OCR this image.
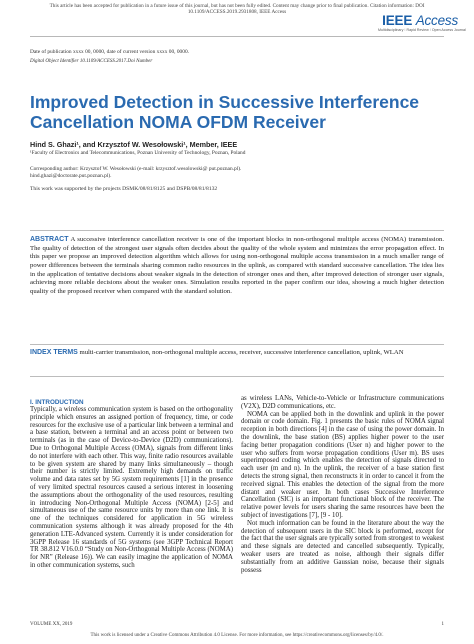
This article has been accepted for publication in a future issue of this journal, but has not been fully edited. Content may change prior to final publication. Citation information: DOI
10.1109/ACCESS.2019.2931808, IEEE Access
IEEE Access
Multidisciplinary ⁝ Rapid Review ⁝ Open Access Journal
Date of publication xxxx 00, 0000, date of current version xxxx 00, 0000.
Digital Object Identifier 10.1109/ACCESS.2017.Doi Number
Improved Detection in Successive Interference Cancellation NOMA OFDM Receiver
Hind S. Ghazi¹, and Krzysztof W. Wesołowski¹, Member, IEEE
¹Faculty of Electronics and Telecommunications, Poznan University of Technology, Poznan, Poland
Corresponding author: Krzysztof W. Wesołowski (e-mail: krzysztof.wesolowski@ put.poznan.pl).
hind.ghazi@doctorate.put.poznan.pl).
This work was supported by the projects DSMK/08/81/8125 and DSPB/08/81/8132

ABSTRACT A successive interference cancellation receiver is one of the important blocks in non-orthogonal multiple access (NOMA) transmission. The quality of detection of the strongest user signals often decides about the quality of the whole system and minimizes the error propagation effect. In this paper we propose an improved detection algorithm which allows for using non-orthogonal multiple access transmission in a much smaller range of power differences between the terminals sharing common radio resources in the uplink, as compared with standard successive cancellation. The idea lies in the application of tentative decisions about weaker signals in the detection of stronger ones and then, after improved detection of stronger user signals, achieving more reliable decisions about the weaker ones. Simulation results reported in the paper confirm our idea, showing a much higher detection quality of the proposed receiver when compared with the standard solution.

INDEX TERMS multi-carrier transmission, non-orthogonal multiple access, receiver, successive interference cancellation, uplink, WLAN

I. INTRODUCTION

Typically, a wireless communication system is based on the orthogonality principle which ensures an assigned portion of frequency, time, or code resources for the exclusive use of a particular link between a terminal and a base station, between a terminal and an access point or between two terminals (as in the case of Device-to-Device (D2D) communications). Due to Orthogonal Multiple Access (OMA), signals from different links do not interfere with each other. This way, finite radio resources available to be given system are shared by many links simultaneously – though their number is strictly limited. Extremely high demands on traffic volume and data rates set by 5G system requirements [1] in the presence of very limited spectral resources caused a serious interest in loosening the assumptions about the orthogonality of the used resources, resulting in introducing Non-Orthogonal Multiple Access (NOMA) [2-5] and simultaneous use of the same resource units by more than one link. It is one of the techniques considered for application in 5G wireless communication systems although it was already proposed for the 4th generation LTE-Advanced system. Currently it is under consideration for 3GPP Release 16 standards of 5G systems (see 3GPP Technical Report TR 38.812 V16.0.0 “Study on Non-Orthogonal Multiple Access (NOMA) for NR” (Release 16)). We can easily imagine the application of NOMA in other communication systems, such

as wireless LANs, Vehicle-to-Vehicle or Infrastructure communications (V2X), D2D communications, etc.

NOMA can be applied both in the downlink and uplink in the power domain or code domain. Fig. 1 presents the basic rules of NOMA signal reception in both directions [4] in the case of using the power domain. In the downlink, the base station (BS) applies higher power to the user facing better propagation conditions (User n) and higher power to the user who suffers from worse propagation conditions (User m). BS uses superimposed coding which enables the detection of signals directed to each user (m and n). In the uplink, the receiver of a base station first detects the strong signal, then reconstructs it in order to cancel it from the received signal. This enables the detection of the signal from the more distant and weaker user. In both cases Successive Interference Cancellation (SIC) is an important functional block of the receiver. The relative power levels for users sharing the same resources have been the subject of investigations [7], [9 - 10].

Not much information can be found in the literature about the way the detection of subsequent users in the SIC block is performed, except for the fact that the user signals are typically sorted from strongest to weakest and these signals are detected and cancelled subsequently. Typically, weaker users are treated as noise, although their signals differ substantially from an additive Gaussian noise, because their signals possess

VOLUME XX, 2019	1
This work is licensed under a Creative Commons Attribution 4.0 License. For more information, see https://creativecommons.org/licenses/by/4.0/.
